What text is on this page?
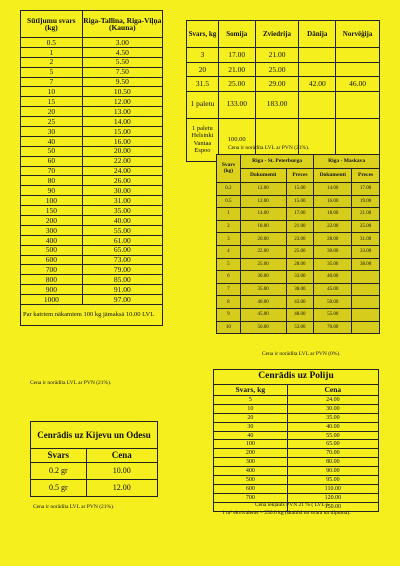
Sūtījumu svars (kg)	Riga-Tallina, Riga-Viļņa (Kauna)
0.5	3.00
1	4.50
2	5.50
5	7.50
7	9.50
10	10.50
15	12.00
20	13.00
25	14.00
30	15.00
40	16.00
50	20.00
60	22.00
70	24.00
80	26.00
90	30.00
100	31.00
150	35.00
200	40.00
300	55.00
400	61.00
500	65.00
600	73.00
700	79.00
800	85.00
900	91.00
1000	97.00
Par katriem nākamiem 100 kg jāmaksā 10.00 LVL	
Cena ir norādīta LVL ar PVN (21%).
Svars, kg	Somija	Zviedrija	Dānija	Norvēģija
3	17.00	21.00		
20	21.00	25.00		
31.5	25.00	29.00	42.00	46.00
1 paletu	133.00	183.00		
1 paletu Helsinki Vantaa Espoo	100.00			
Cena ir norādīta LVL ar PVN (21%).
Svars (kg)	Riga - St. Peterburga		Riga - Maskava	
	Dokumenti	Preces	Dokumenti	Preces
0.2	12.00	15.00	14.00	17.00
0.5	12.00	15.00	16.00	19.00
1	14.00	17.00	18.00	21.00
2	18.00	21.00	22.00	25.00
3	20.00	23.00	28.00	31.00
4	22.00	25.00	30.00	33.00
5	25.00	28.00	35.00	38.00
6	30.00	33.00	40.00	
7	35.00	38.00	45.00	
8	40.00	43.00	50.00	
9	45.00	48.00	55.00	
10	50.00	53.00	70.00	
Cena ir norādīta LVL ar PVN (0%).
Cenrādis uz Kijevu un Odesu	
Svars	Cena
0.2 gr	10.00
0.5 gr	12.00
Cena ir norādīta LVL ar PVN (21%).
Cenrādis uz Poliju	
Svars, kg	Cena
5	24.00
10	30.00
20	35.00
30	40.00
40	55.00
100	65.00
200	70.00
300	80.00
400	90.00
500	95.00
600	110.00
700	120.00
	150.00
Cenā iekļauts PVN 21 % ( LVL ).
1 m³ ekvivalents = 250.0 kg (skaitīsi no svara un tilpuma).
